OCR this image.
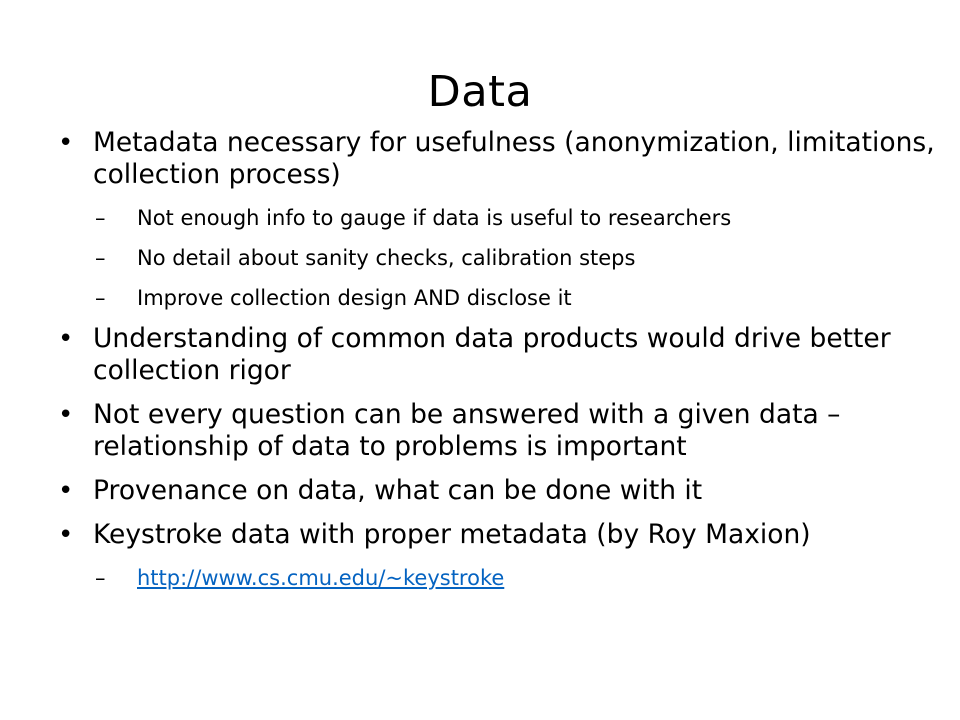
Data
• Metadata necessary for usefulness (anonymization, limitations, collection process)
– Not enough info to gauge if data is useful to researchers
– No detail about sanity checks, calibration steps
– Improve collection design AND disclose it
• Understanding of common data products would drive better collection rigor
• Not every question can be answered with a given data – relationship of data to problems is important
• Provenance on data, what can be done with it
• Keystroke data with proper metadata (by Roy Maxion)
– http://www.cs.cmu.edu/~keystroke
